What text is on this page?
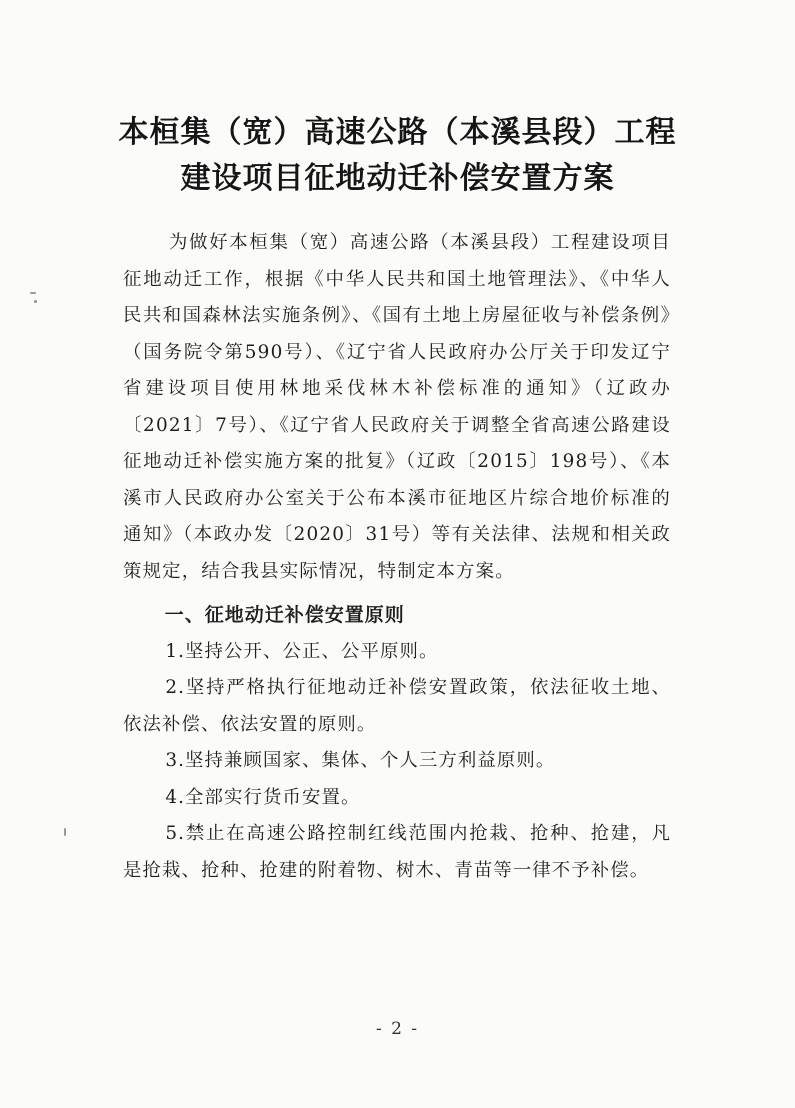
本桓集（宽）高速公路（本溪县段）工程
建设项目征地动迁补偿安置方案

为做好本桓集（宽）高速公路（本溪县段）工程建设项目征地动迁工作，根据《中华人民共和国土地管理法》、《中华人民共和国森林法实施条例》、《国有土地上房屋征收与补偿条例》（国务院令第590号）、《辽宁省人民政府办公厅关于印发辽宁省建设项目使用林地采伐林木补偿标准的通知》（辽政办〔2021〕7号）、《辽宁省人民政府关于调整全省高速公路建设征地动迁补偿实施方案的批复》（辽政〔2015〕198号）、《本溪市人民政府办公室关于公布本溪市征地区片综合地价标准的通知》（本政办发〔2020〕31号）等有关法律、法规和相关政策规定，结合我县实际情况，特制定本方案。

一、征地动迁补偿安置原则

1.坚持公开、公正、公平原则。

2.坚持严格执行征地动迁补偿安置政策，依法征收土地、依法补偿、依法安置的原则。

3.坚持兼顾国家、集体、个人三方利益原则。

4.全部实行货币安置。

5.禁止在高速公路控制红线范围内抢栽、抢种、抢建，凡是抢栽、抢种、抢建的附着物、树木、青苗等一律不予补偿。

- 2 -
